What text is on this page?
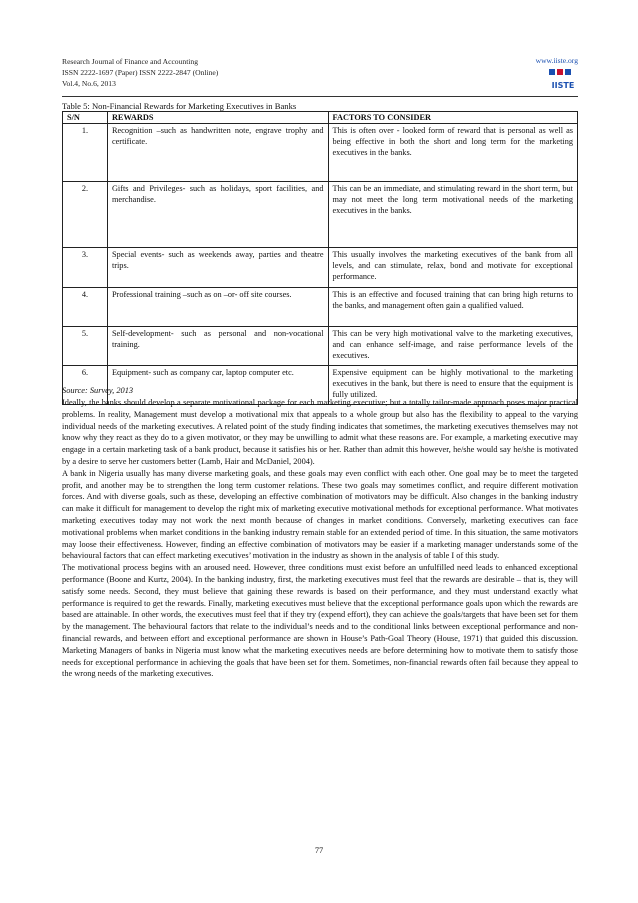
Research Journal of Finance and Accounting
ISSN 2222-1697 (Paper) ISSN 2222-2847 (Online)
Vol.4, No.6, 2013
www.iiste.org
IISTE
Table 5: Non-Financial Rewards for Marketing Executives in Banks
S/N	REWARDS	FACTORS TO CONSIDER
1.	Recognition –such as handwritten note, engrave trophy and certificate.	This is often over - looked form of reward that is personal as well as being effective in both the short and long term for the marketing executives in the banks.
2.	Gifts and Privileges- such as holidays, sport facilities, and merchandise.	This can be an immediate, and stimulating reward in the short term, but may not meet the long term motivational needs of the marketing executives in the banks.
3.	Special events- such as weekends away, parties and theatre trips.	This usually involves the marketing executives of the bank from all levels, and can stimulate, relax, bond and motivate for exceptional performance.
4.	Professional training –such as on –or- off site courses.	This is an effective and focused training that can bring high returns to the banks, and management often gain a qualified valued.
5.	Self-development- such as personal and non-vocational training.	This can be very high motivational valve to the marketing executives, and can enhance self-image, and raise performance levels of the executives.
6.	Equipment- such as company car, laptop computer etc.	Expensive equipment can be highly motivational to the marketing executives in the bank, but there is need to ensure that the equipment is fully utilized.
Source: Survey, 2013

Ideally, the banks should develop a separate motivational package for each marketing executive; but a totally tailor-made approach poses major practical problems. In reality, Management must develop a motivational mix that appeals to a whole group but also has the flexibility to appeal to the varying individual needs of the marketing executives. A related point of the study finding indicates that sometimes, the marketing executives themselves may not know why they react as they do to a given motivator, or they may be unwilling to admit what these reasons are. For example, a marketing executive may engage in a certain marketing task of a bank product, because it satisfies his or her. Rather than admit this however, he/she would say he/she is motivated by a desire to serve her customers better (Lamb, Hair and McDaniel, 2004).

A bank in Nigeria usually has many diverse marketing goals, and these goals may even conflict with each other. One goal may be to meet the targeted profit, and another may be to strengthen the long term customer relations. These two goals may sometimes conflict, and require different motivation forces. And with diverse goals, such as these, developing an effective combination of motivators may be difficult. Also changes in the banking industry can make it difficult for management to develop the right mix of marketing executive motivational methods for exceptional performance. What motivates marketing executives today may not work the next month because of changes in market conditions. Conversely, marketing executives can face motivational problems when market conditions in the banking industry remain stable for an extended period of time. In this situation, the same motivators may loose their effectiveness. However, finding an effective combination of motivators may be easier if a marketing manager understands some of the behavioural factors that can effect marketing executives’ motivation in the industry as shown in the analysis of table I of this study.

The motivational process begins with an aroused need. However, three conditions must exist before an unfulfilled need leads to enhanced exceptional performance (Boone and Kurtz, 2004). In the banking industry, first, the marketing executives must feel that the rewards are desirable – that is, they will satisfy some needs. Second, they must believe that gaining these rewards is based on their performance, and they must understand exactly what performance is required to get the rewards. Finally, marketing executives must believe that the exceptional performance goals upon which the rewards are based are attainable. In other words, the executives must feel that if they try (expend effort), they can achieve the goals/targets that have been set for them by the management. The behavioural factors that relate to the individual’s needs and to the conditional links between exceptional performance and non-financial rewards, and between effort and exceptional performance are shown in House’s Path-Goal Theory (House, 1971) that guided this discussion. Marketing Managers of banks in Nigeria must know what the marketing executives needs are before determining how to motivate them to satisfy those needs for exceptional performance in achieving the goals that have been set for them. Sometimes, non-financial rewards often fail because they appeal to the wrong needs of the marketing executives.

77
